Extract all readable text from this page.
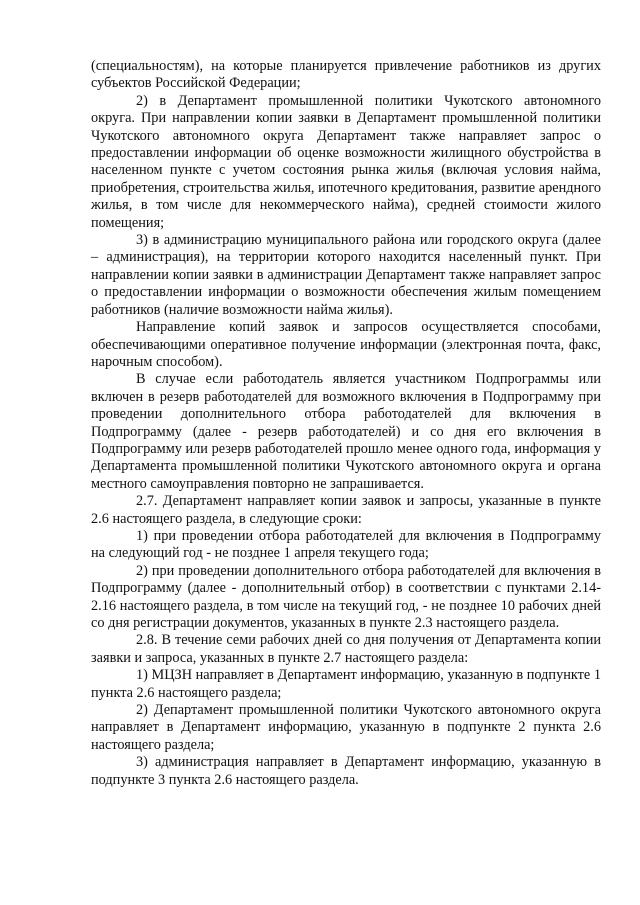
(специальностям), на которые планируется привлечение работников из других субъектов Российской Федерации;

2) в Департамент промышленной политики Чукотского автономного округа. При направлении копии заявки в Департамент промышленной политики Чукотского автономного округа Департамент также направляет запрос о предоставлении информации об оценке возможности жилищного обустройства в населенном пункте с учетом состояния рынка жилья (включая условия найма, приобретения, строительства жилья, ипотечного кредитования, развитие арендного жилья, в том числе для некоммерческого найма), средней стоимости жилого помещения;

3) в администрацию муниципального района или городского округа (далее – администрация), на территории которого находится населенный пункт. При направлении копии заявки в администрации Департамент также направляет запрос о предоставлении информации о возможности обеспечения жилым помещением работников (наличие возможности найма жилья).

Направление копий заявок и запросов осуществляется способами, обеспечивающими оперативное получение информации (электронная почта, факс, нарочным способом).

В случае если работодатель является участником Подпрограммы или включен в резерв работодателей для возможного включения в Подпрограмму при проведении дополнительного отбора работодателей для включения в Подпрограмму (далее - резерв работодателей) и со дня его включения в Подпрограмму или резерв работодателей прошло менее одного года, информация у Департамента промышленной политики Чукотского автономного округа и органа местного самоуправления повторно не запрашивается.

2.7. Департамент направляет копии заявок и запросы, указанные в пункте 2.6 настоящего раздела, в следующие сроки:

1) при проведении отбора работодателей для включения в Подпрограмму на следующий год - не позднее 1 апреля текущего года;

2) при проведении дополнительного отбора работодателей для включения в Подпрограмму (далее - дополнительный отбор) в соответствии с пунктами 2.14-2.16 настоящего раздела, в том числе на текущий год, - не позднее 10 рабочих дней со дня регистрации документов, указанных в пункте 2.3 настоящего раздела.

2.8. В течение семи рабочих дней со дня получения от Департамента копии заявки и запроса, указанных в пункте 2.7 настоящего раздела:

1) МЦЗН направляет в Департамент информацию, указанную в подпункте 1 пункта 2.6 настоящего раздела;

2) Департамент промышленной политики Чукотского автономного округа направляет в Департамент информацию, указанную в подпункте 2 пункта 2.6 настоящего раздела;

3) администрация направляет в Департамент информацию, указанную в подпункте 3 пункта 2.6 настоящего раздела.
